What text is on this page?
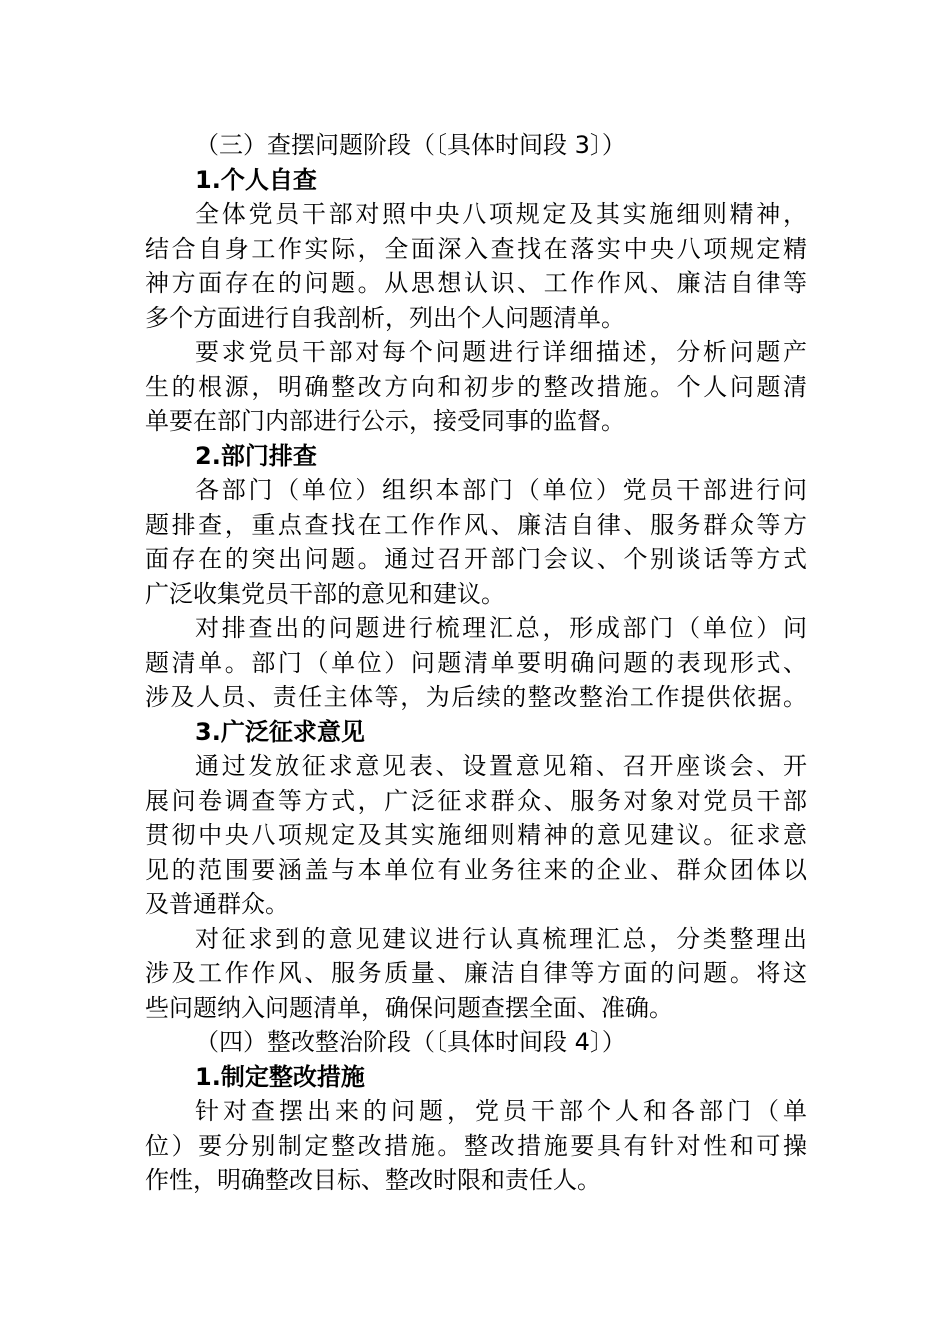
（三）查摆问题阶段（〔具体时间段 3〕）
1.个人自查
全体党员干部对照中央八项规定及其实施细则精神，
结合自身工作实际，全面深入查找在落实中央八项规定精
神方面存在的问题。从思想认识、工作作风、廉洁自律等
多个方面进行自我剖析，列出个人问题清单。
要求党员干部对每个问题进行详细描述，分析问题产
生的根源，明确整改方向和初步的整改措施。个人问题清
单要在部门内部进行公示，接受同事的监督。
2.部门排查
各部门（单位）组织本部门（单位）党员干部进行问
题排查，重点查找在工作作风、廉洁自律、服务群众等方
面存在的突出问题。通过召开部门会议、个别谈话等方式
广泛收集党员干部的意见和建议。
对排查出的问题进行梳理汇总，形成部门（单位）问
题清单。部门（单位）问题清单要明确问题的表现形式、
涉及人员、责任主体等，为后续的整改整治工作提供依据。
3.广泛征求意见
通过发放征求意见表、设置意见箱、召开座谈会、开
展问卷调查等方式，广泛征求群众、服务对象对党员干部
贯彻中央八项规定及其实施细则精神的意见建议。征求意
见的范围要涵盖与本单位有业务往来的企业、群众团体以
及普通群众。
对征求到的意见建议进行认真梳理汇总，分类整理出
涉及工作作风、服务质量、廉洁自律等方面的问题。将这
些问题纳入问题清单，确保问题查摆全面、准确。
（四）整改整治阶段（〔具体时间段 4〕）
1.制定整改措施
针对查摆出来的问题，党员干部个人和各部门（单
位）要分别制定整改措施。整改措施要具有针对性和可操
作性，明确整改目标、整改时限和责任人。
